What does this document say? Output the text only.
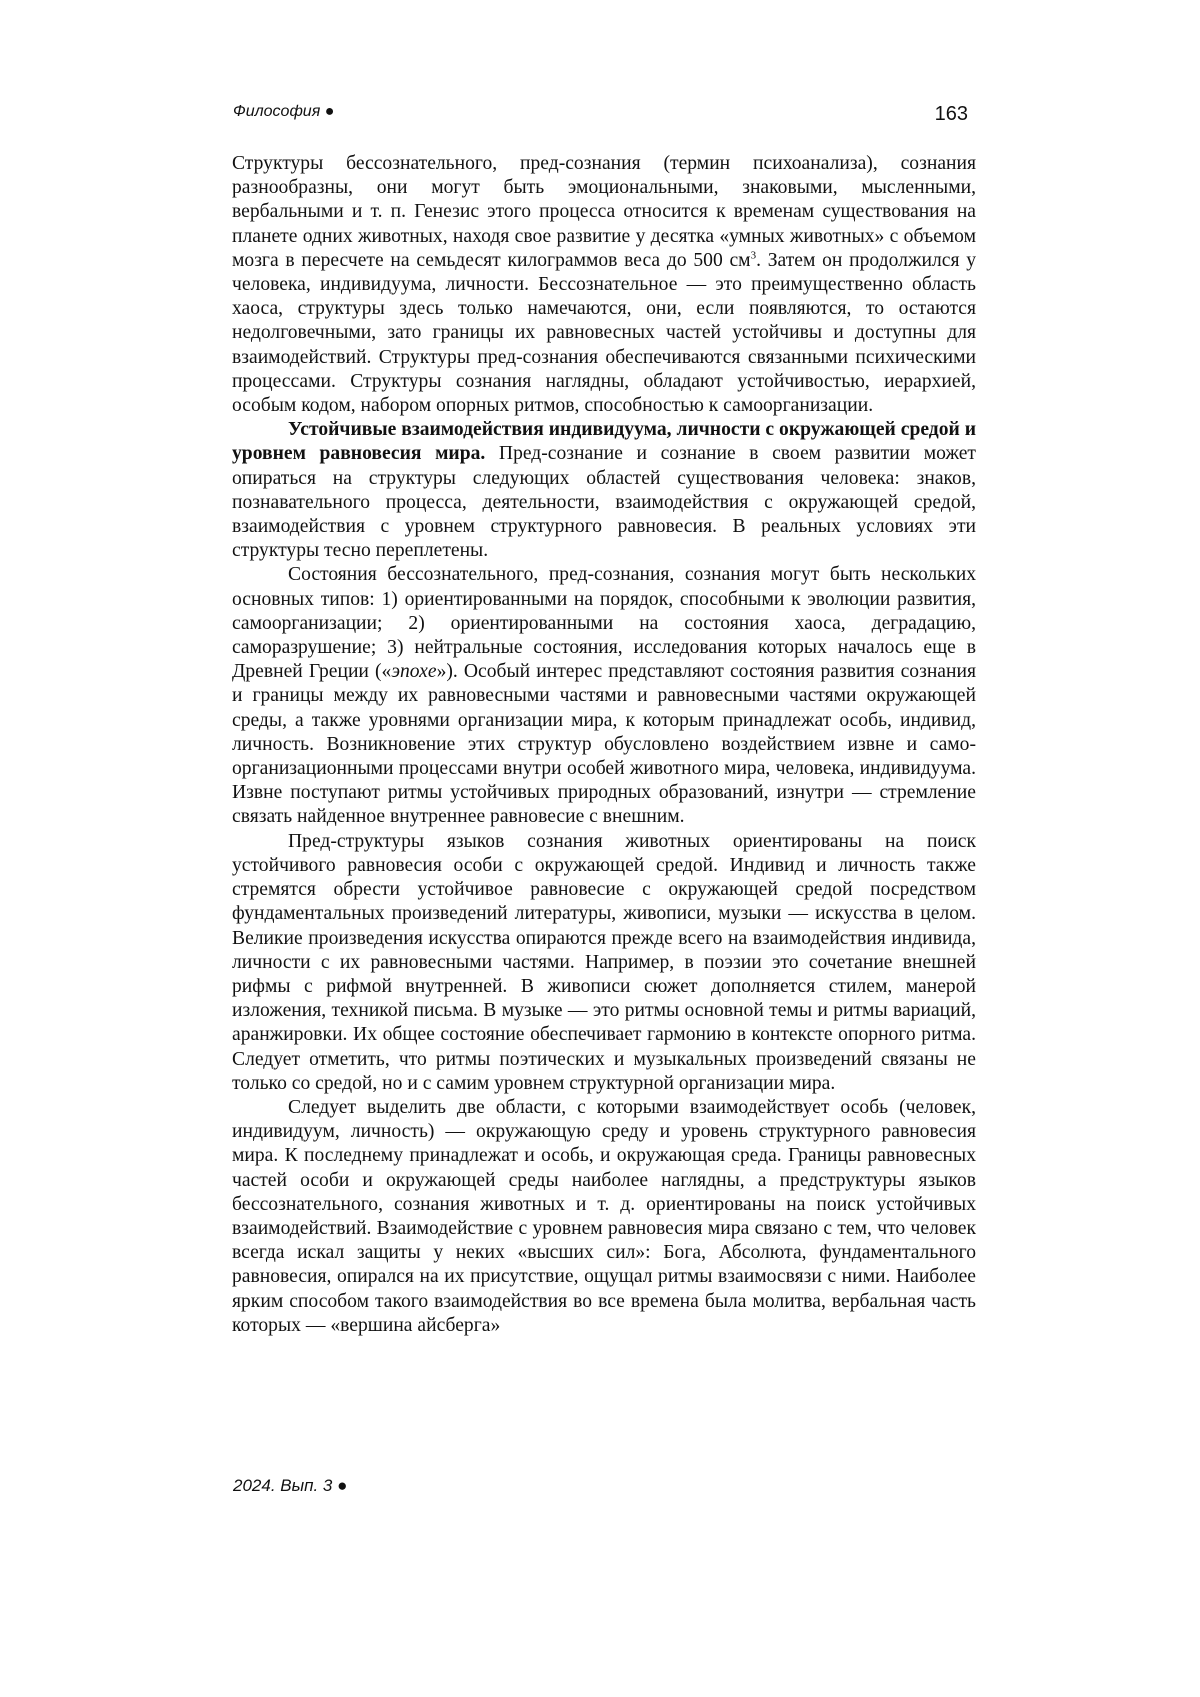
Философия ●	163

Структуры бессознательного, пред-сознания (термин психоанализа), сознания разнообразны, они могут быть эмоциональными, знаковыми, мысленными, вербальными и т. п. Генезис этого процесса относится к временам существования на планете одних животных, находя свое развитие у десятка «умных животных» с объемом мозга в пересчете на семьдесят килограммов веса до 500 см3. Затем он продолжился у человека, индивидуума, личности. Бессознательное — это преимущественно область хаоса, структуры здесь только намечаются, они, если появляются, то остаются недолговечными, зато границы их равновесных частей устойчивы и доступны для взаимодействий. Структуры пред-сознания обеспечиваются связанными психическими процессами. Структуры сознания наглядны, обладают устойчивостью, иерархией, особым кодом, набором опорных ритмов, способностью к самоорганизации.

Устойчивые взаимодействия индивидуума, личности с окружающей средой и уровнем равновесия мира. Пред-сознание и сознание в своем развитии может опираться на структуры следующих областей существования человека: знаков, познавательного процесса, деятельности, взаимодействия с окружающей средой, взаимодействия с уровнем структурного равновесия. В реальных условиях эти структуры тесно переплетены.

Состояния бессознательного, пред-сознания, сознания могут быть нескольких основных типов: 1) ориентированными на порядок, способными к эволюции развития, самоорганизации; 2) ориентированными на состояния хаоса, деградацию, саморазрушение; 3) нейтральные состояния, исследования которых началось еще в Древней Греции («эпохе»). Особый интерес представляют состояния развития сознания и границы между их равновесными частями и равновесными частями окружающей среды, а также уровнями организации мира, к которым принадлежат особь, индивид, личность. Возникновение этих структур обусловлено воздействием извне и само-организационными процессами внутри особей животного мира, человека, индивидуума. Извне поступают ритмы устойчивых природных образований, изнутри — стремление связать найденное внутреннее равновесие с внешним.

Пред-структуры языков сознания животных ориентированы на поиск устойчивого равновесия особи с окружающей средой. Индивид и личность также стремятся обрести устойчивое равновесие с окружающей средой посредством фундаментальных произведений литературы, живописи, музыки — искусства в целом. Великие произведения искусства опираются прежде всего на взаимодействия индивида, личности с их равновесными частями. Например, в поэзии это сочетание внешней рифмы с рифмой внутренней. В живописи сюжет дополняется стилем, манерой изложения, техникой письма. В музыке — это ритмы основной темы и ритмы вариаций, аранжировки. Их общее состояние обеспечивает гармонию в контексте опорного ритма. Следует отметить, что ритмы поэтических и музыкальных произведений связаны не только со средой, но и с самим уровнем структурной организации мира.

Следует выделить две области, с которыми взаимодействует особь (человек, индивидуум, личность) — окружающую среду и уровень структурного равновесия мира. К последнему принадлежат и особь, и окружающая среда. Границы равновесных частей особи и окружающей среды наиболее наглядны, а предструктуры языков бессознательного, сознания животных и т. д. ориентированы на поиск устойчивых взаимодействий. Взаимодействие с уровнем равновесия мира связано с тем, что человек всегда искал защиты у неких «высших сил»: Бога, Абсолюта, фундаментального равновесия, опирался на их присутствие, ощущал ритмы взаимосвязи с ними. Наиболее ярким способом такого взаимодействия во все времена была молитва, вербальная часть которых — «вершина айсберга»

2024. Вып. 3 ●
